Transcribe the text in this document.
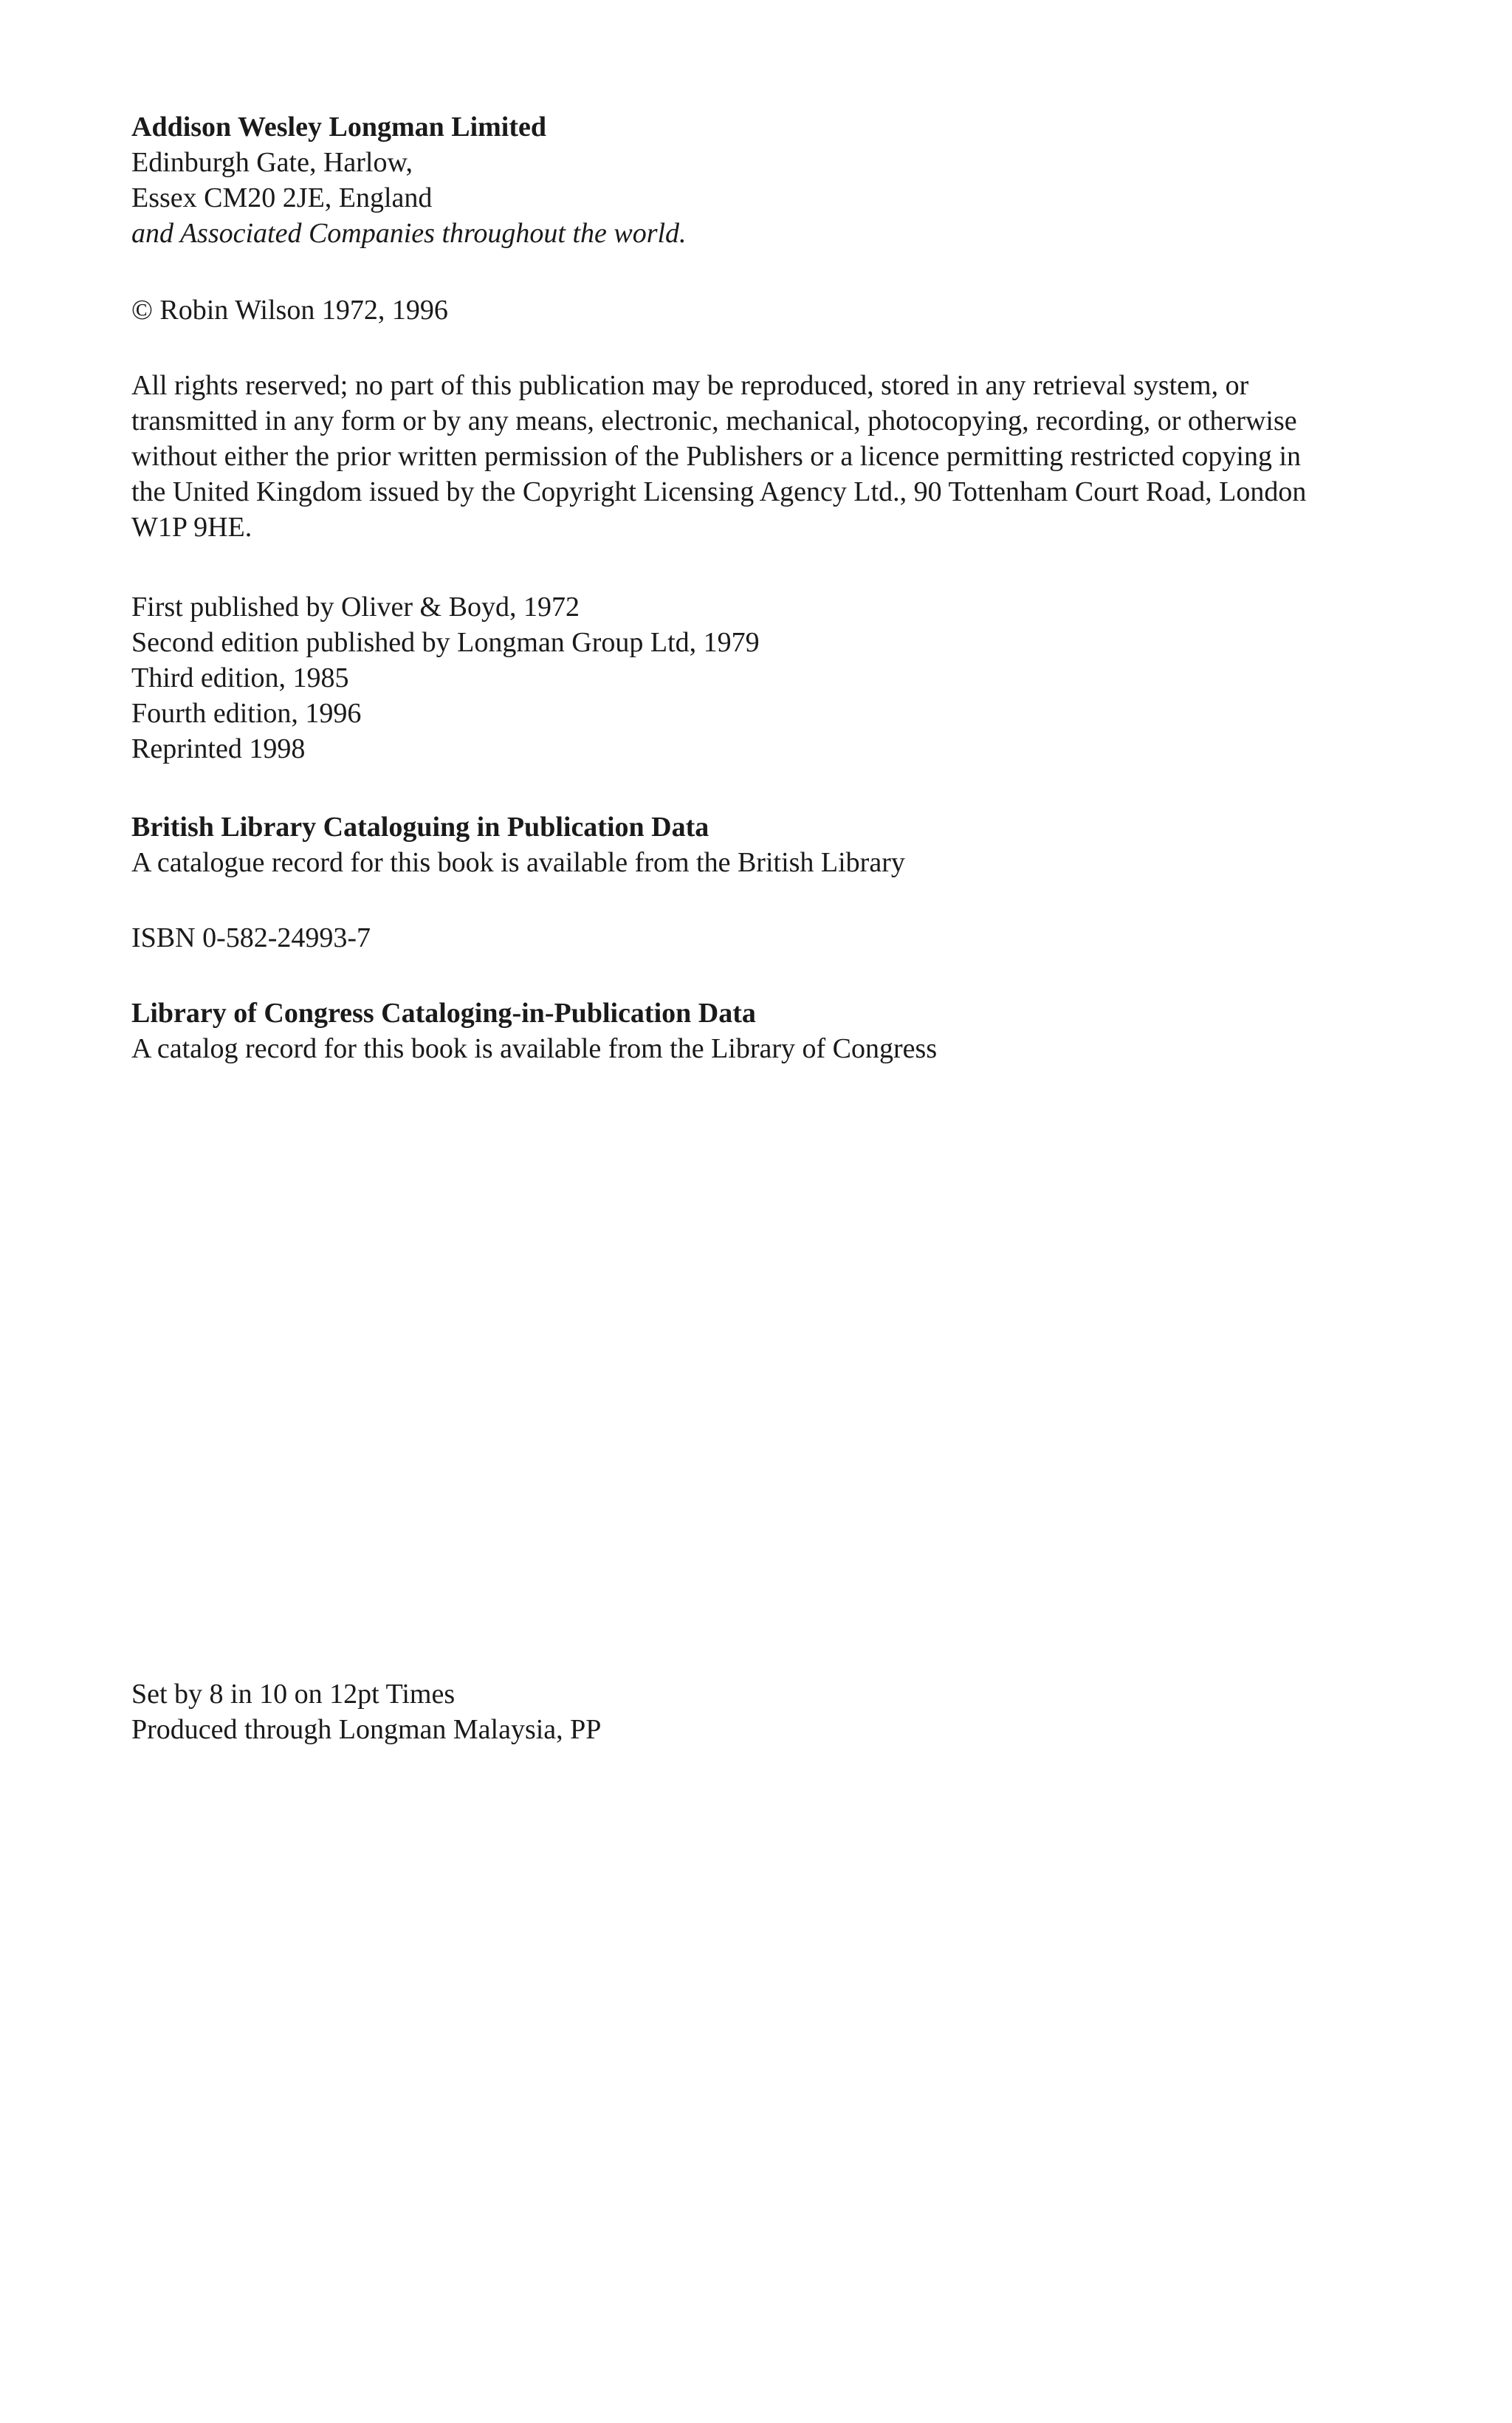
Addison Wesley Longman Limited
Edinburgh Gate, Harlow,
Essex CM20 2JE, England
and Associated Companies throughout the world.
© Robin Wilson 1972, 1996
All rights reserved; no part of this publication may be reproduced, stored in any retrieval system, or
transmitted in any form or by any means, electronic, mechanical, photocopying, recording, or otherwise
without either the prior written permission of the Publishers or a licence permitting restricted copying in
the United Kingdom issued by the Copyright Licensing Agency Ltd., 90 Tottenham Court Road, London
W1P 9HE.
First published by Oliver & Boyd, 1972
Second edition published by Longman Group Ltd, 1979
Third edition, 1985
Fourth edition, 1996
Reprinted 1998
British Library Cataloguing in Publication Data
A catalogue record for this book is available from the British Library
ISBN 0-582-24993-7
Library of Congress Cataloging-in-Publication Data
A catalog record for this book is available from the Library of Congress
Set by 8 in 10 on 12pt Times
Produced through Longman Malaysia, PP
